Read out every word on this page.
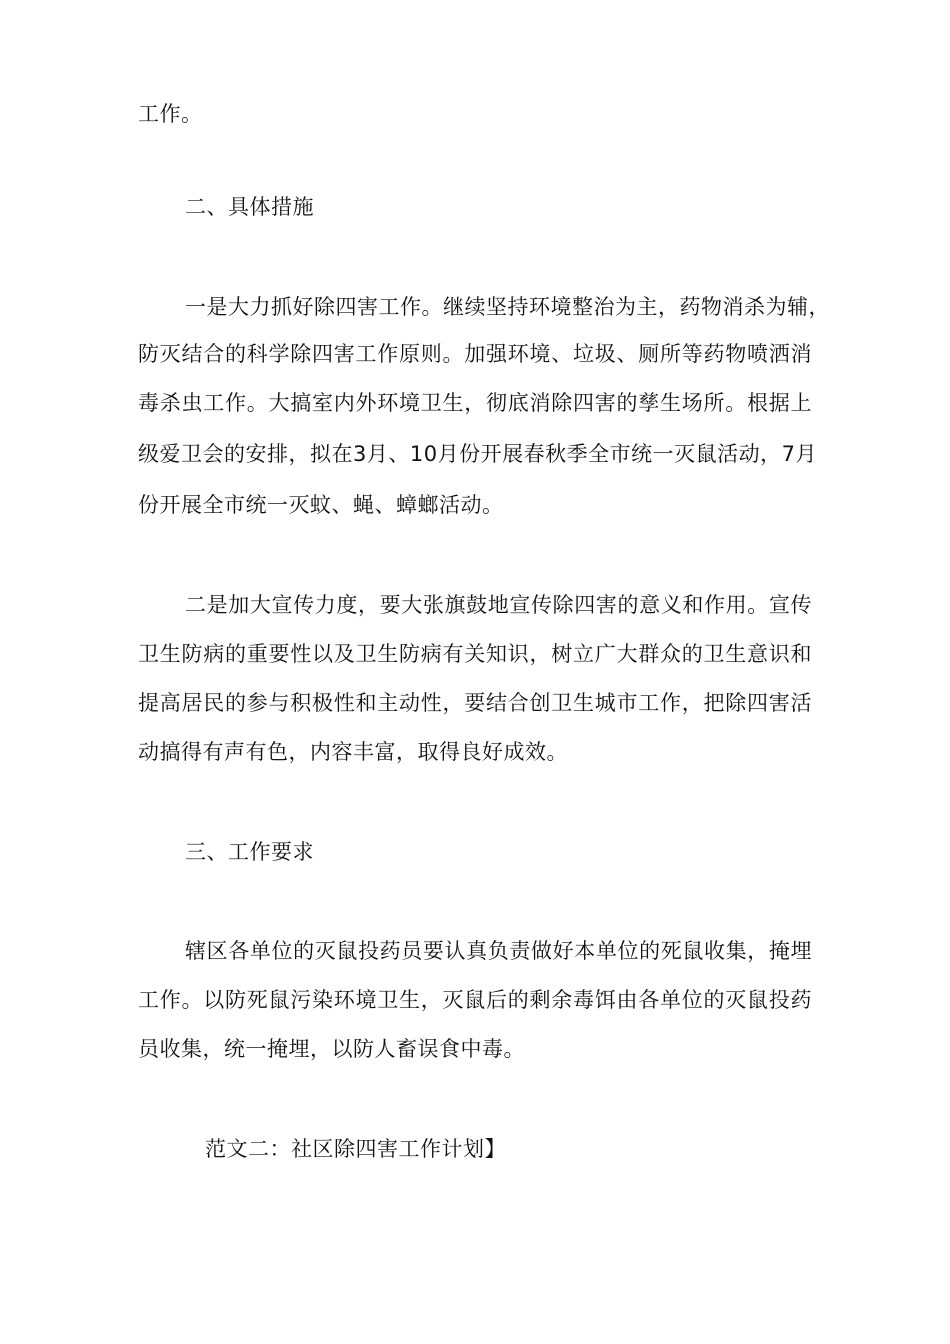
工作。
二、具体措施
一是大力抓好除四害工作。继续坚持环境整治为主，药物消杀为辅，
防灭结合的科学除四害工作原则。加强环境、垃圾、厕所等药物喷洒消
毒杀虫工作。大搞室内外环境卫生，彻底消除四害的孳生场所。根据上
级爱卫会的安排，拟在3月、10月份开展春秋季全市统一灭鼠活动，7月
份开展全市统一灭蚊、蝇、蟑螂活动。
二是加大宣传力度，要大张旗鼓地宣传除四害的意义和作用。宣传
卫生防病的重要性以及卫生防病有关知识，树立广大群众的卫生意识和
提高居民的参与积极性和主动性，要结合创卫生城市工作，把除四害活
动搞得有声有色，内容丰富，取得良好成效。
三、工作要求
辖区各单位的灭鼠投药员要认真负责做好本单位的死鼠收集，掩埋
工作。以防死鼠污染环境卫生，灭鼠后的剩余毒饵由各单位的灭鼠投药
员收集，统一掩埋，以防人畜误食中毒。
范文二：社区除四害工作计划】
